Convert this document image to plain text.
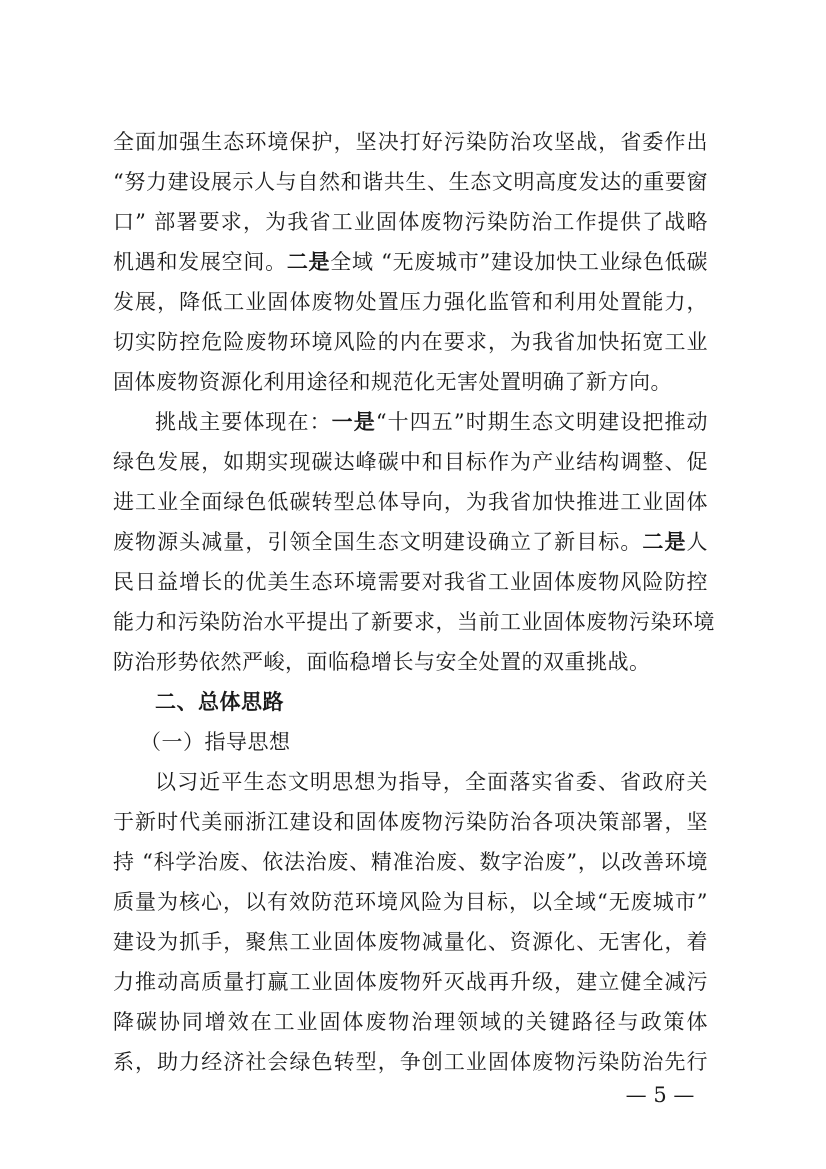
全面加强生态环境保护，坚决打好污染防治攻坚战，省委作出
“努力建设展示人与自然和谐共生、生态文明高度发达的重要窗
口” 部署要求，为我省工业固体废物污染防治工作提供了战略
机遇和发展空间。二是全域 “无废城市”建设加快工业绿色低碳
发展，降低工业固体废物处置压力强化监管和利用处置能力，
切实防控危险废物环境风险的内在要求，为我省加快拓宽工业
固体废物资源化利用途径和规范化无害处置明确了新方向。
挑战主要体现在：一是“十四五”时期生态文明建设把推动
绿色发展，如期实现碳达峰碳中和目标作为产业结构调整、促
进工业全面绿色低碳转型总体导向，为我省加快推进工业固体
废物源头减量，引领全国生态文明建设确立了新目标。二是人
民日益增长的优美生态环境需要对我省工业固体废物风险防控
能力和污染防治水平提出了新要求，当前工业固体废物污染环境
防治形势依然严峻，面临稳增长与安全处置的双重挑战。
二、总体思路
（一）指导思想
以习近平生态文明思想为指导，全面落实省委、省政府关
于新时代美丽浙江建设和固体废物污染防治各项决策部署，坚
持 “科学治废、依法治废、精准治废、数字治废”，以改善环境
质量为核心，以有效防范环境风险为目标，以全域“无废城市”
建设为抓手，聚焦工业固体废物减量化、资源化、无害化，着
力推动高质量打赢工业固体废物歼灭战再升级，建立健全减污
降碳协同增效在工业固体废物治理领域的关键路径与政策体
系，助力经济社会绿色转型，争创工业固体废物污染防治先行
— 5 —
